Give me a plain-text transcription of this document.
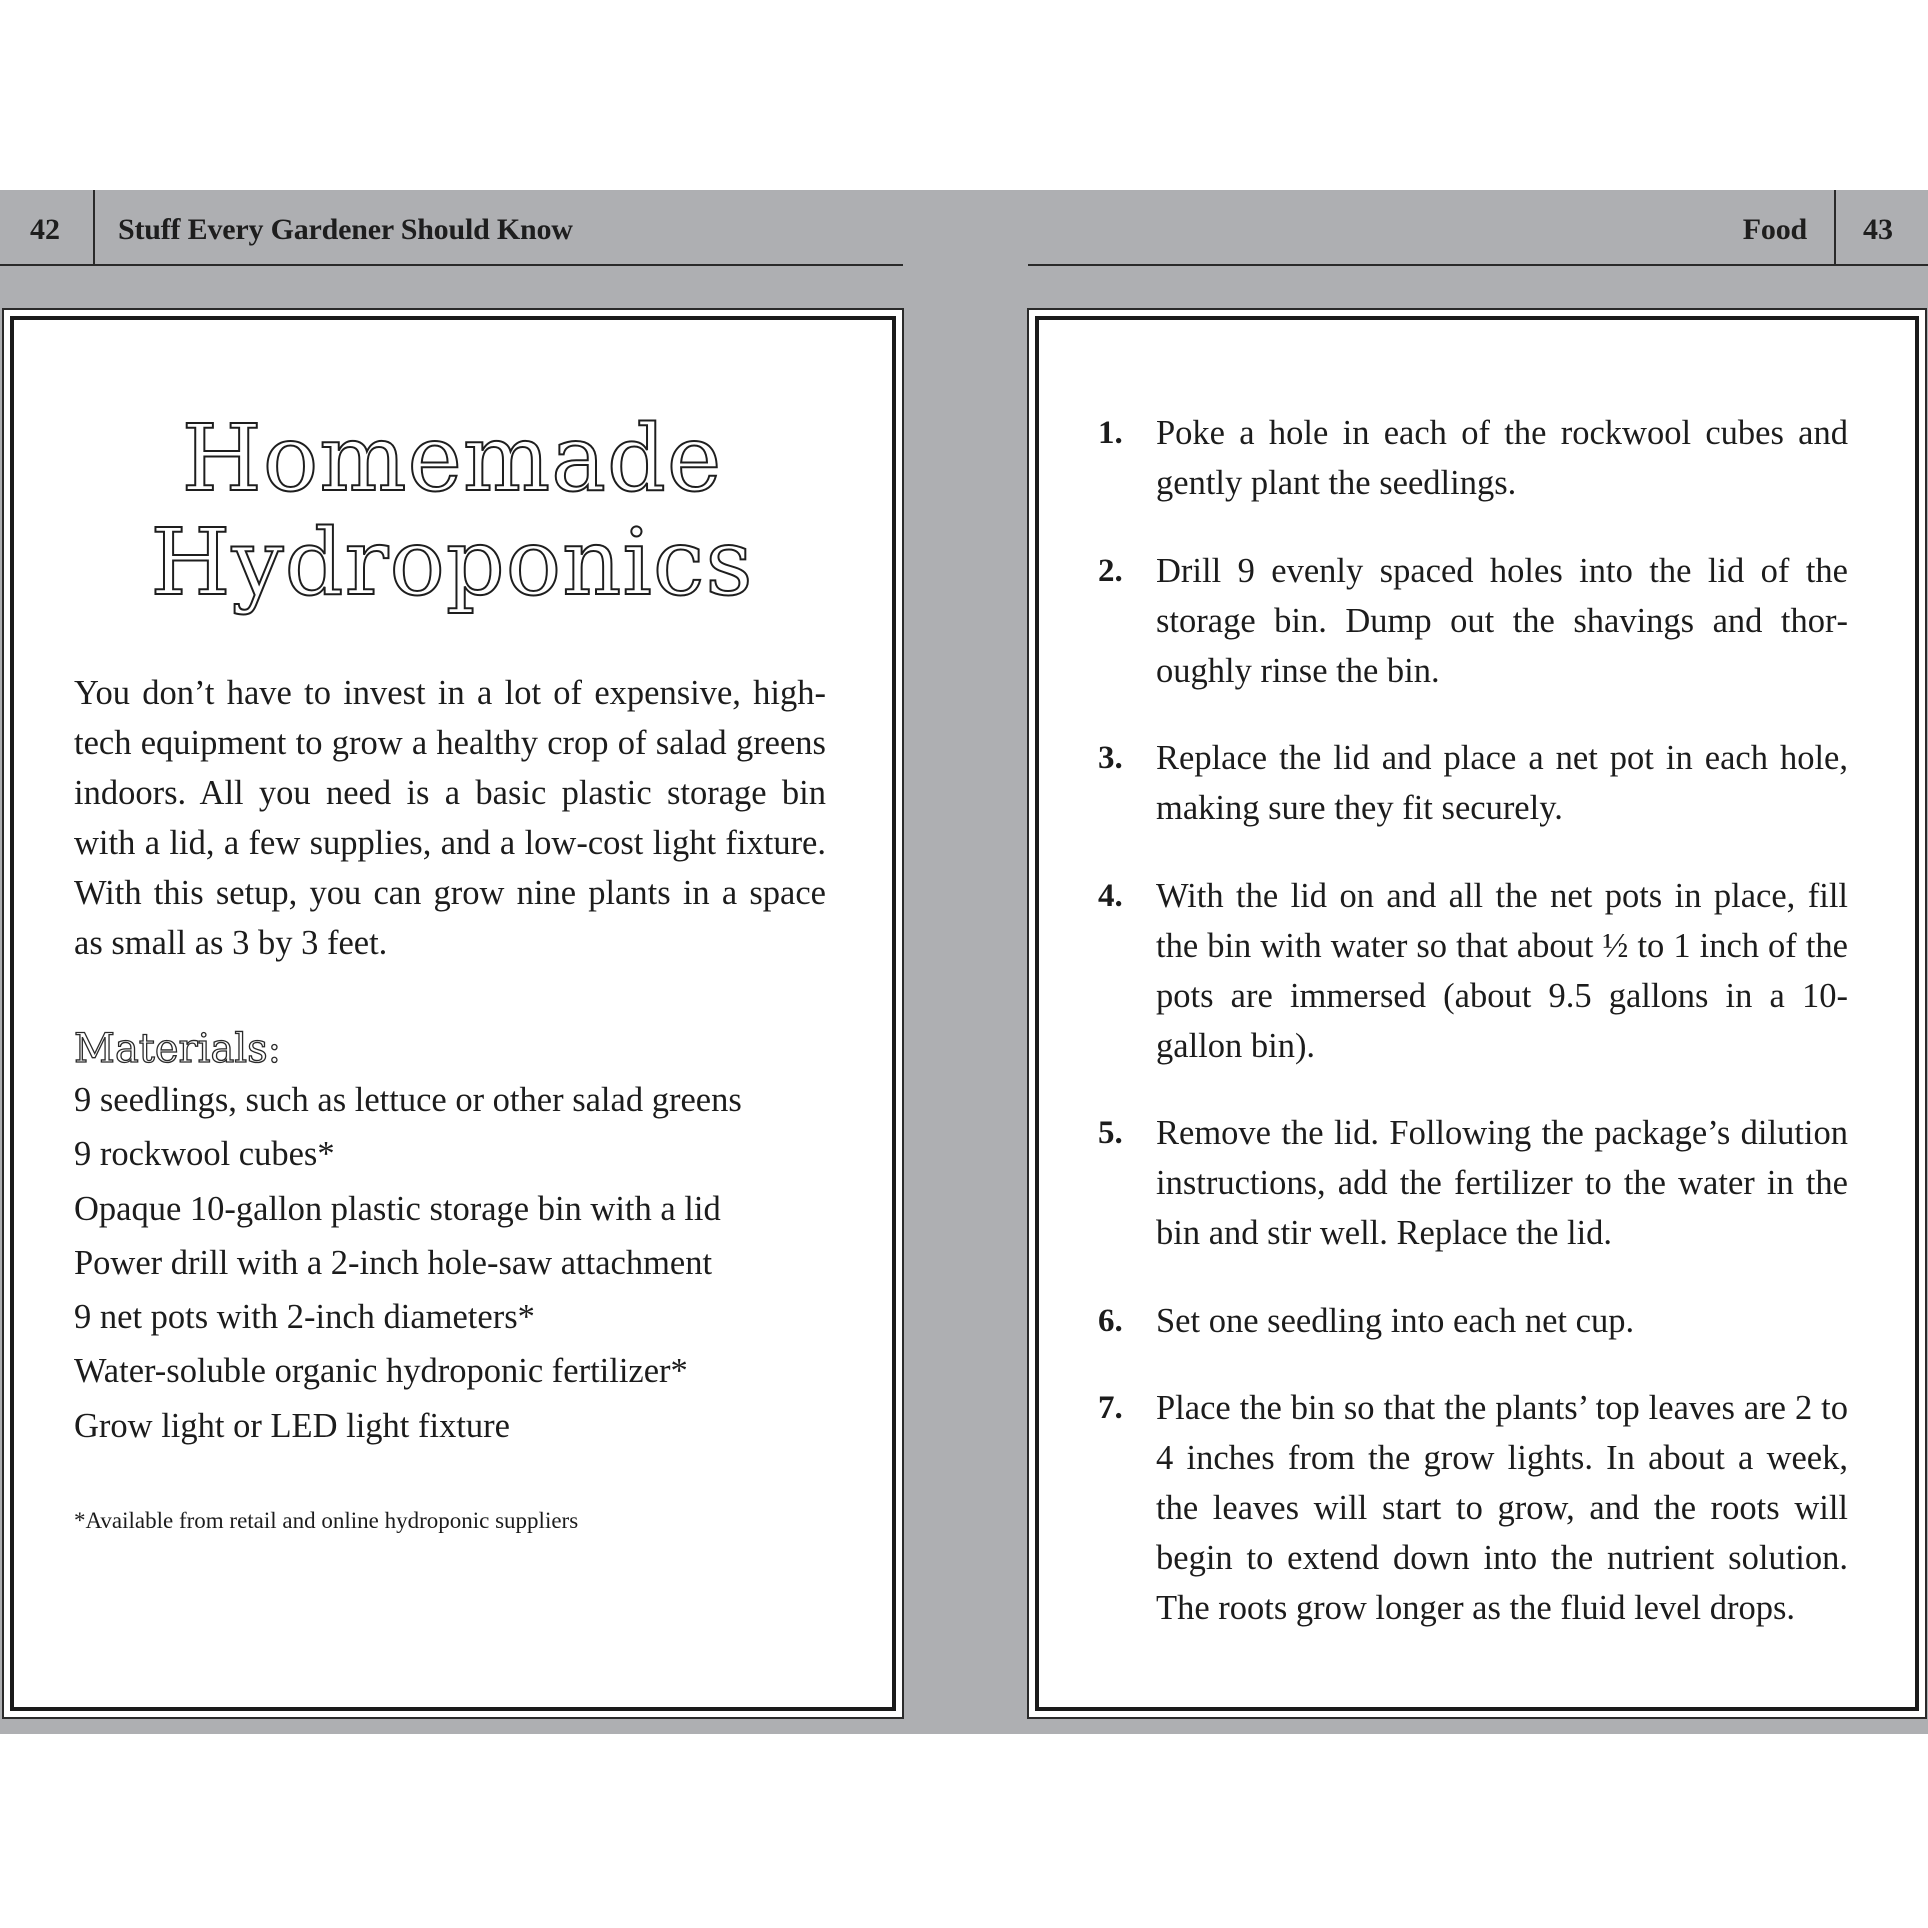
42 Stuff Every Gardener Should Know	Food 43
Homemade
Hydroponics

You don’t have to invest in a lot of expensive, high-tech equipment to grow a healthy crop of salad greens indoors. All you need is a basic plastic storage bin with a lid, a few supplies, and a low-cost light fixture. With this setup, you can grow nine plants in a space as small as 3 by 3 feet.

Materials:
9 seedlings, such as lettuce or other salad greens
9 rockwool cubes*
Opaque 10-gallon plastic storage bin with a lid
Power drill with a 2-inch hole-saw attachment
9 net pots with 2-inch diameters*
Water-soluble organic hydroponic fertilizer*
Grow light or LED light fixture
*Available from retail and online hydroponic suppliers
1. Poke a hole in each of the rockwool cubes and gently plant the seedlings.
2. Drill 9 evenly spaced holes into the lid of the storage bin. Dump out the shavings and thoroughly rinse the bin.
3. Replace the lid and place a net pot in each hole, making sure they fit securely.
4. With the lid on and all the net pots in place, fill the bin with water so that about ½ to 1 inch of the pots are immersed (about 9.5 gallons in a 10-gallon bin).
5. Remove the lid. Following the package’s dilution instructions, add the fertilizer to the water in the bin and stir well. Replace the lid.
6. Set one seedling into each net cup.
7. Place the bin so that the plants’ top leaves are 2 to 4 inches from the grow lights. In about a week, the leaves will start to grow, and the roots will begin to extend down into the nutrient solution. The roots grow longer as the fluid level drops.
